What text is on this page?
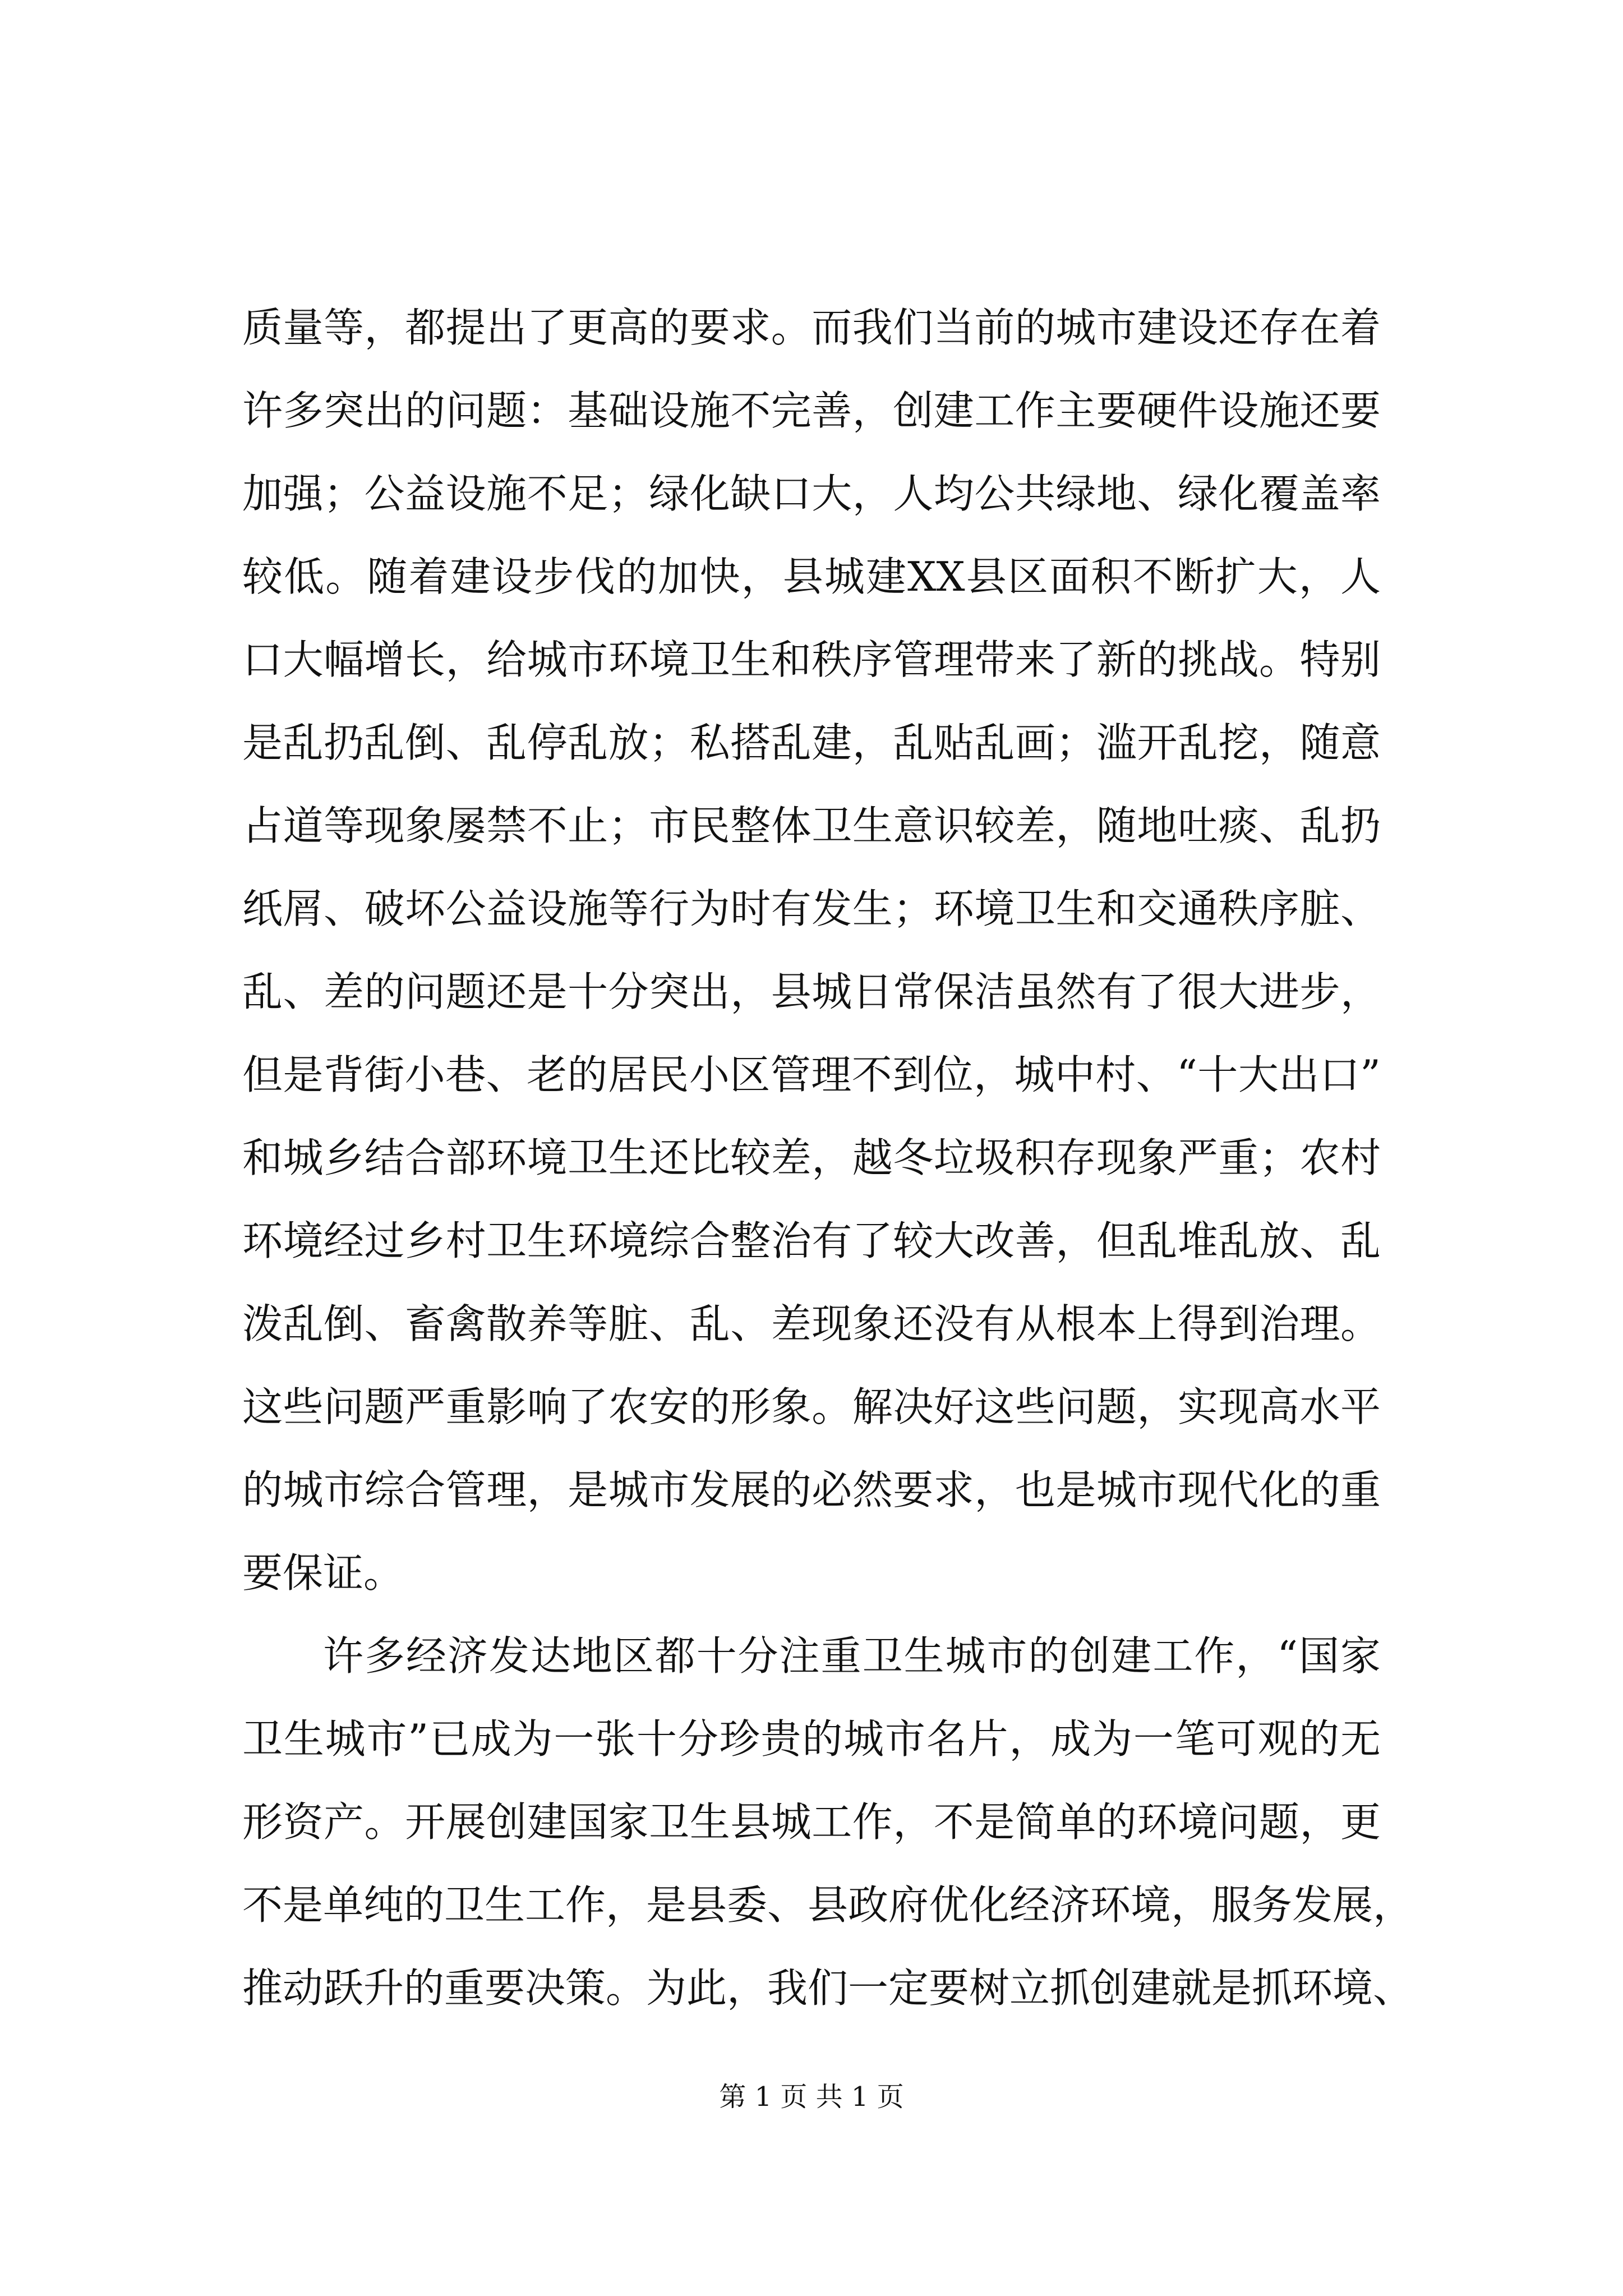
质量等，都提出了更高的要求。而我们当前的城市建设还存在着
许多突出的问题：基础设施不完善，创建工作主要硬件设施还要
加强；公益设施不足；绿化缺口大，人均公共绿地、绿化覆盖率
较低。随着建设步伐的加快，县城建XX县区面积不断扩大，人
口大幅增长，给城市环境卫生和秩序管理带来了新的挑战。特别
是乱扔乱倒、乱停乱放；私搭乱建，乱贴乱画；滥开乱挖，随意
占道等现象屡禁不止；市民整体卫生意识较差，随地吐痰、乱扔
纸屑、破坏公益设施等行为时有发生；环境卫生和交通秩序脏、
乱、差的问题还是十分突出，县城日常保洁虽然有了很大进步，
但是背街小巷、老的居民小区管理不到位，城中村、“十大出口”
和城乡结合部环境卫生还比较差，越冬垃圾积存现象严重；农村
环境经过乡村卫生环境综合整治有了较大改善，但乱堆乱放、乱
泼乱倒、畜禽散养等脏、乱、差现象还没有从根本上得到治理。
这些问题严重影响了农安的形象。解决好这些问题，实现高水平
的城市综合管理，是城市发展的必然要求，也是城市现代化的重
要保证。
许多经济发达地区都十分注重卫生城市的创建工作，“国家
卫生城市”已成为一张十分珍贵的城市名片，成为一笔可观的无
形资产。开展创建国家卫生县城工作，不是简单的环境问题，更
不是单纯的卫生工作，是县委、县政府优化经济环境，服务发展，
推动跃升的重要决策。为此，我们一定要树立抓创建就是抓环境、
第 1 页 共 1 页
